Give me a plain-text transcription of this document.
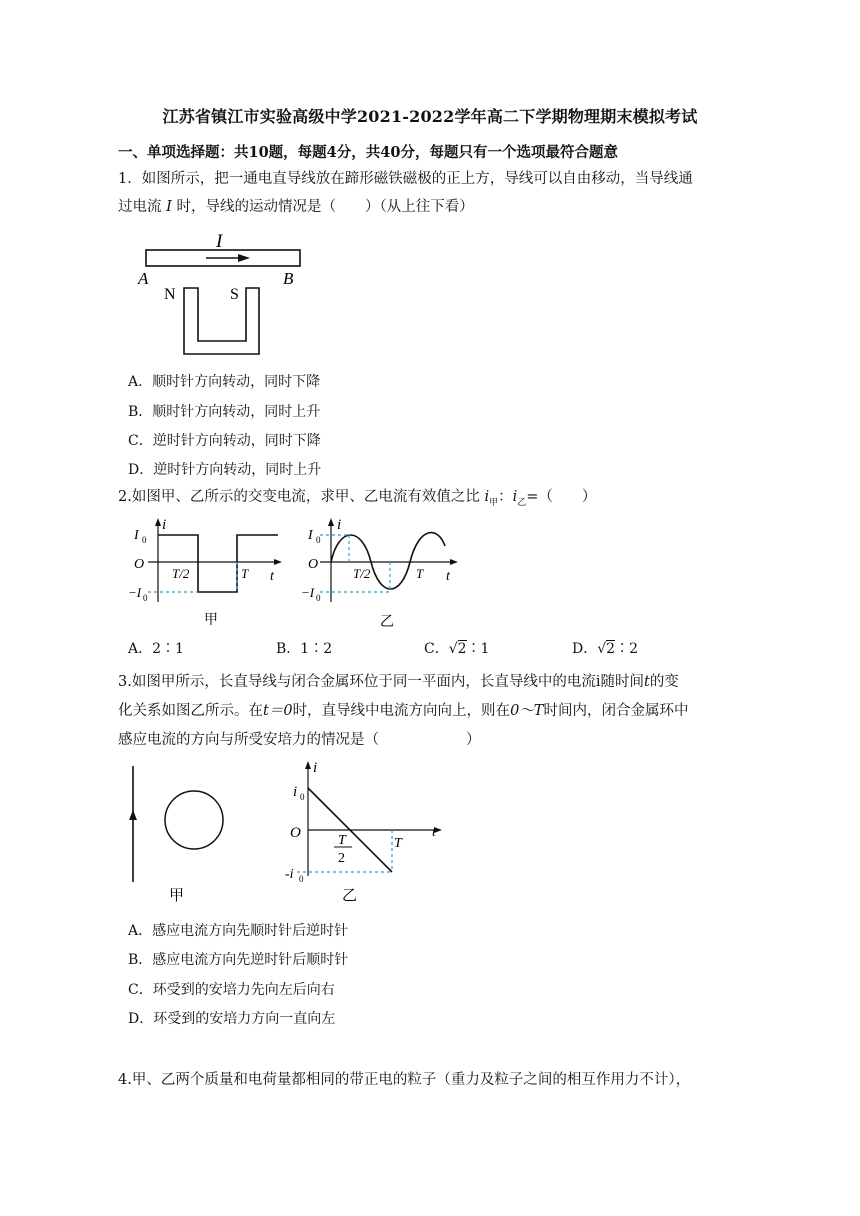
江苏省镇江市实验高级中学2021-2022学年高二下学期物理期末模拟考试
一、单项选择题：共10题，每题4分，共40分，每题只有一个选项最符合题意
1．如图所示，把一通电直导线放在蹄形磁铁磁极的正上方，导线可以自由移动，当导线通
过电流 I 时，导线的运动情况是（　　）（从上往下看）
I
A	B
N	S
A．顺时针方向转动，同时下降
B．顺时针方向转动，同时上升
C．逆时针方向转动，同时下降
D．逆时针方向转动，同时上升
2.如图甲、乙所示的交变电流，求甲、乙电流有效值之比 $i_甲$：$i_乙=$（　　）
I 0
i
O
T/2	T t
−I 0
甲
I 0
i
O
T/2	T t
−I 0
乙
A．2∶1	B．1∶2	C．√2∶1	D．√2∶2
3.如图甲所示，长直导线与闭合金属环位于同一平面内，长直导线中的电流i随时间t的变
化关系如图乙所示。在t＝0时，直导线中电流方向向上，则在0～T时间内，闭合金属环中
感应电流的方向与所受安培力的情况是（　　　　　　）
甲
i
i 0
O	T
2
T
t
-i 0
乙
A．感应电流方向先顺时针后逆时针
B．感应电流方向先逆时针后顺时针
C．环受到的安培力先向左后向右
D．环受到的安培力方向一直向左
4.甲、乙两个质量和电荷量都相同的带正电的粒子（重力及粒子之间的相互作用力不计），
